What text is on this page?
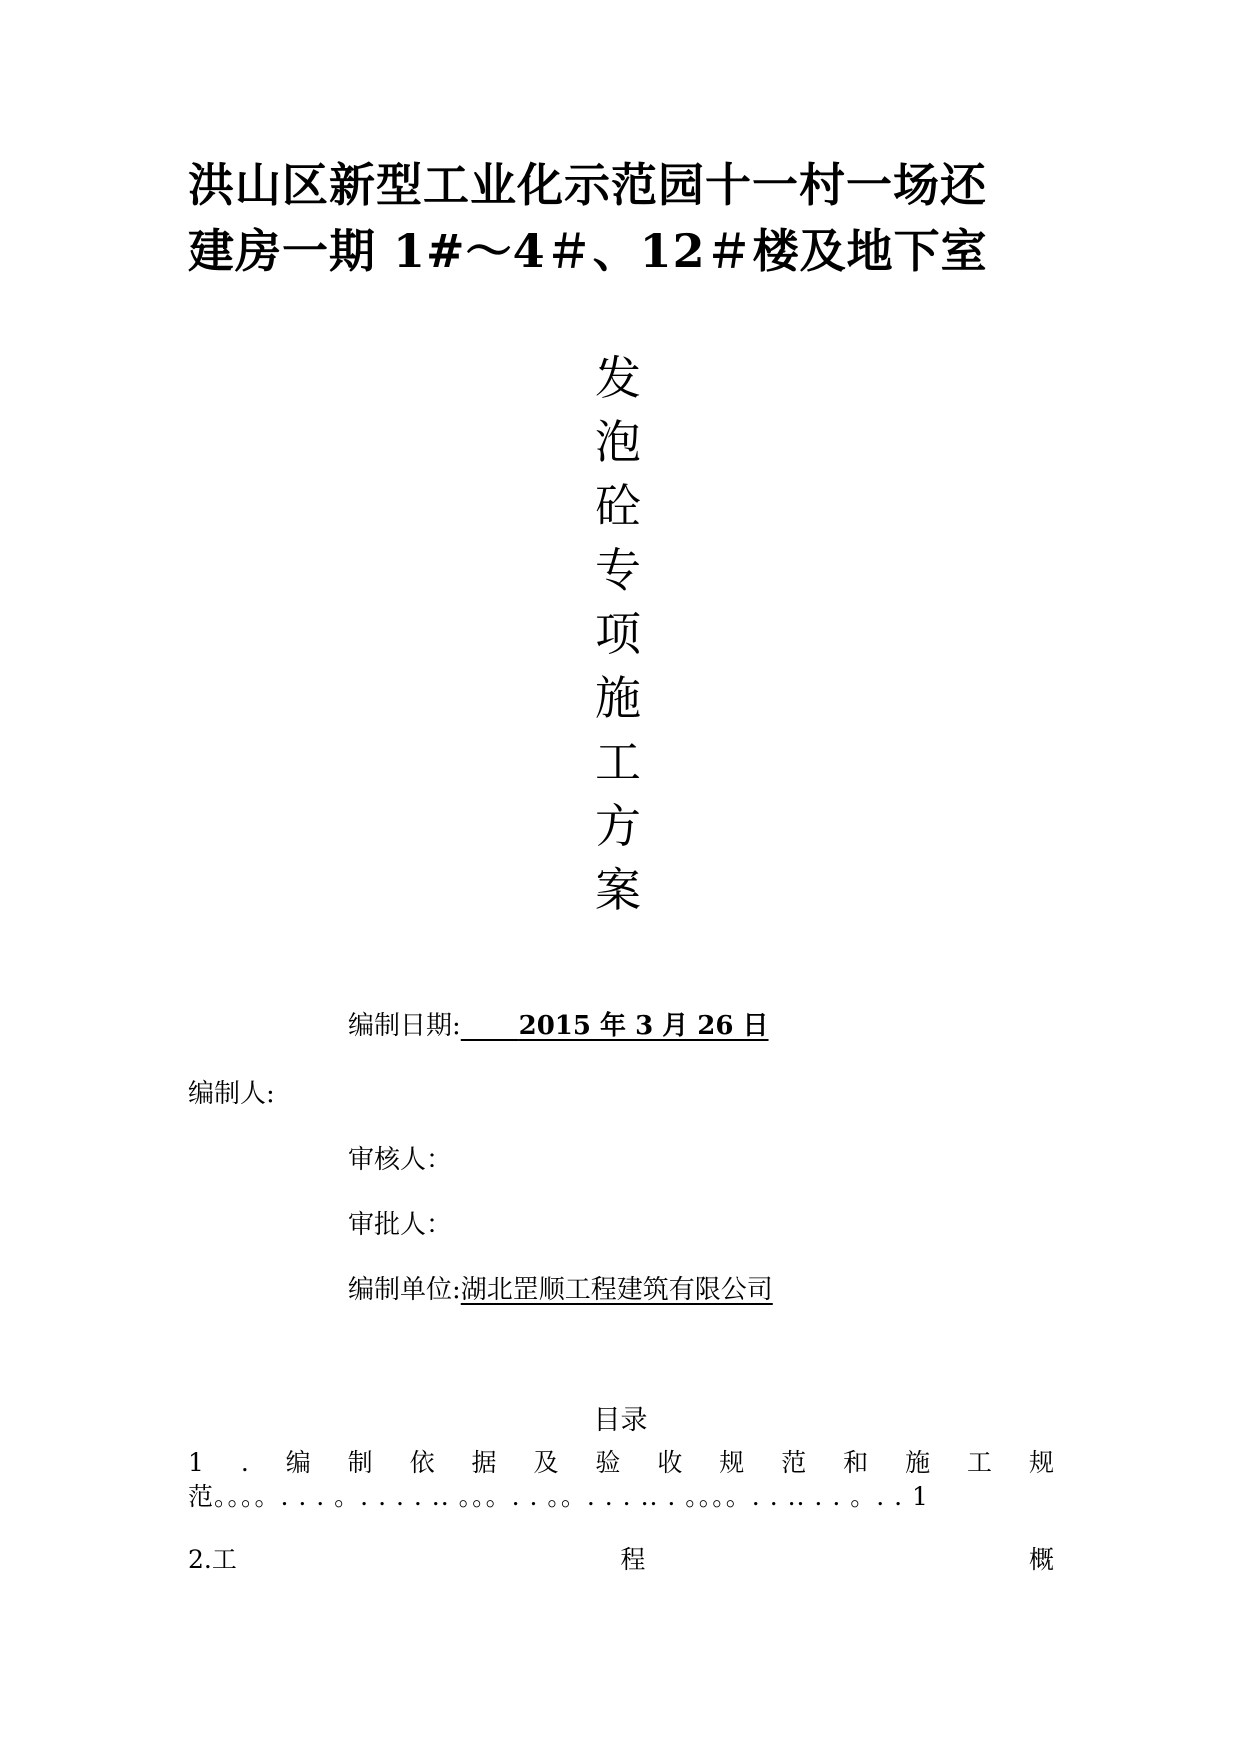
洪山区新型工业化示范园十一村一场还
建房一期 1#～4＃、12＃楼及地下室
发
泡
砼
专
项
施
工
方
案
编制日期: 2015 年 3 月 26 日
编制人:
审核人：
审批人：
编制单位:湖北罡顺工程建筑有限公司
目录
1 . 编 制 依 据 及 验 收 规 范 和 施 工 规
范。。。。. . . 。. . . . .. 。。。. . 。。. . . .. . 。。。。. . .. . . 。. . 1
2.工	程	概
